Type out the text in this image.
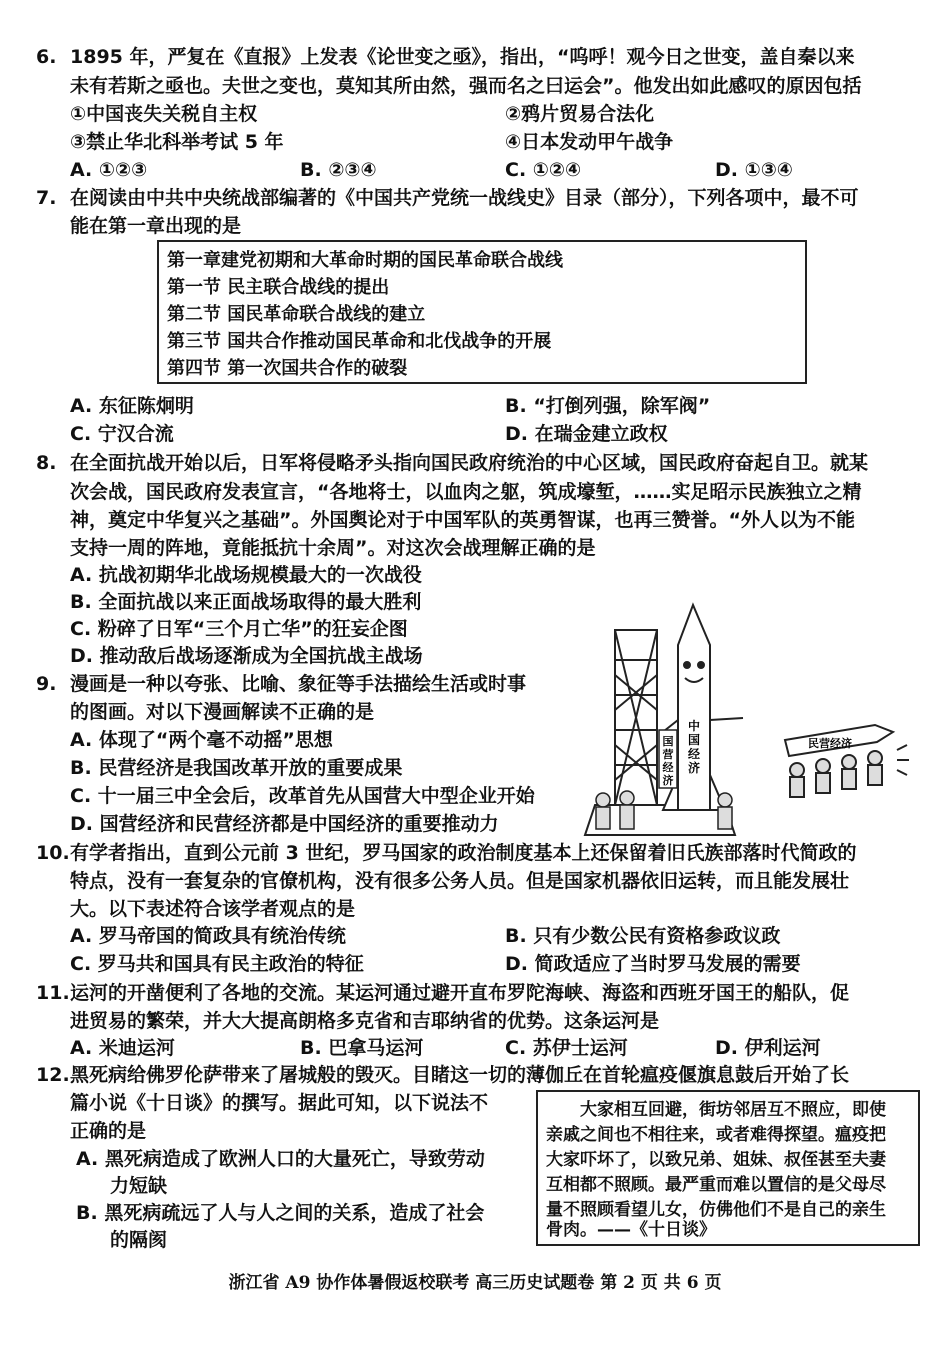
6. 1895 年，严复在《直报》上发表《论世变之亟》，指出，“呜呼！观今日之世变，盖自秦以来
未有若斯之亟也。夫世之变也，莫知其所由然，强而名之曰运会”。他发出如此感叹的原因包括
①中国丧失关税自主权	②鸦片贸易合法化
③禁止华北科举考试 5 年	④日本发动甲午战争
A. ①②③	B. ②③④	C. ①②④	D. ①③④
7. 在阅读由中共中央统战部编著的《中国共产党统一战线史》目录（部分），下列各项中，最不可
能在第一章出现的是
第一章建党初期和大革命时期的国民革命联合战线
第一节 民主联合战线的提出
第二节 国民革命联合战线的建立
第三节 国共合作推动国民革命和北伐战争的开展
第四节 第一次国共合作的破裂
A. 东征陈炯明	B. “打倒列强，除军阀”
C. 宁汉合流	D. 在瑞金建立政权
8. 在全面抗战开始以后，日军将侵略矛头指向国民政府统治的中心区域，国民政府奋起自卫。就某
次会战，国民政府发表宣言，“各地将士，以血肉之躯，筑成壕堑，……实足昭示民族独立之精
神，奠定中华复兴之基础”。外国舆论对于中国军队的英勇智谋，也再三赞誉。“外人以为不能
支持一周的阵地，竟能抵抗十余周”。对这次会战理解正确的是
A. 抗战初期华北战场规模最大的一次战役
B. 全面抗战以来正面战场取得的最大胜利
C. 粉碎了日军“三个月亡华”的狂妄企图
D. 推动敌后战场逐渐成为全国抗战主战场
中国经济
国营经济
民营经济
9. 漫画是一种以夸张、比喻、象征等手法描绘生活或时事
的图画。对以下漫画解读不正确的是
A. 体现了“两个毫不动摇”思想
B. 民营经济是我国改革开放的重要成果
C. 十一届三中全会后，改革首先从国营大中型企业开始
D. 国营经济和民营经济都是中国经济的重要推动力
10.有学者指出，直到公元前 3 世纪，罗马国家的政治制度基本上还保留着旧氏族部落时代简政的
特点，没有一套复杂的官僚机构，没有很多公务人员。但是国家机器依旧运转，而且能发展壮
大。以下表述符合该学者观点的是
A. 罗马帝国的简政具有统治传统	B. 只有少数公民有资格参政议政
C. 罗马共和国具有民主政治的特征	D. 简政适应了当时罗马发展的需要
11.运河的开凿便利了各地的交流。某运河通过避开直布罗陀海峡、海盗和西班牙国王的船队，促
进贸易的繁荣，并大大提高朗格多克省和吉耶纳省的优势。这条运河是
A. 米迪运河	B. 巴拿马运河	C. 苏伊士运河	D. 伊利运河
12.黑死病给佛罗伦萨带来了屠城般的毁灭。目睹这一切的薄伽丘在首轮瘟疫偃旗息鼓后开始了长
篇小说《十日谈》的撰写。据此可知，以下说法不
正确的是
A. 黑死病造成了欧洲人口的大量死亡，导致劳动
力短缺
B. 黑死病疏远了人与人之间的关系，造成了社会
的隔阂
大家相互回避，街坊邻居互不照应，即使
亲戚之间也不相往来，或者难得探望。瘟疫把
大家吓坏了，以致兄弟、姐妹、叔侄甚至夫妻
互相都不照顾。最严重而难以置信的是父母尽
量不照顾看望儿女，仿佛他们不是自己的亲生
骨肉。——《十日谈》
浙江省 A9 协作体暑假返校联考 高三历史试题卷 第 2 页 共 6 页
